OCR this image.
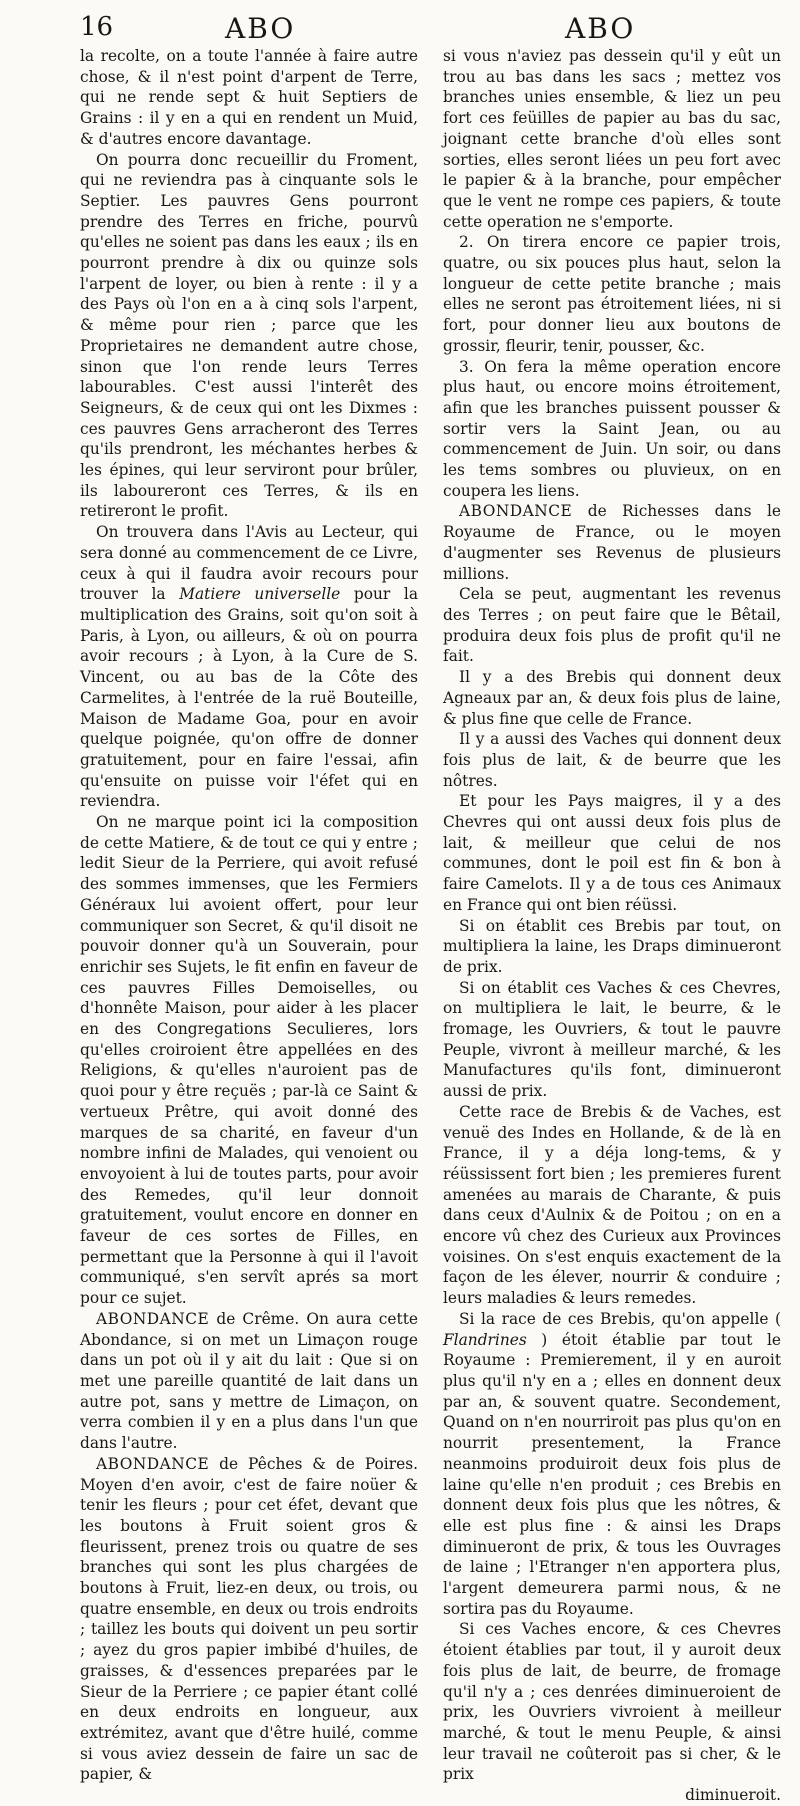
16	ABO	ABO

la recolte, on a toute l'année à faire autre chose, & il n'est point d'arpent de Terre, qui ne rende sept & huit Septiers de Grains : il y en a qui en rendent un Muid, & d'autres encore davantage.

On pourra donc recueillir du Froment, qui ne reviendra pas à cinquante sols le Septier. Les pauvres Gens pourront prendre des Terres en friche, pourvû qu'elles ne soient pas dans les eaux ; ils en pourront prendre à dix ou quinze sols l'arpent de loyer, ou bien à rente : il y a des Pays où l'on en a à cinq sols l'arpent, & même pour rien ; parce que les Proprietaires ne demandent autre chose, sinon que l'on rende leurs Terres labourables. C'est aussi l'interêt des Seigneurs, & de ceux qui ont les Dixmes : ces pauvres Gens arracheront des Terres qu'ils prendront, les méchantes herbes & les épines, qui leur serviront pour brûler, ils laboureront ces Terres, & ils en retireront le profit.

On trouvera dans l'Avis au Lecteur, qui sera donné au commencement de ce Livre, ceux à qui il faudra avoir recours pour trouver la Matiere universelle pour la multiplication des Grains, soit qu'on soit à Paris, à Lyon, ou ailleurs, & où on pourra avoir recours ; à Lyon, à la Cure de S. Vincent, ou au bas de la Côte des Carmelites, à l'entrée de la ruë Bouteille, Maison de Madame Goa, pour en avoir quelque poignée, qu'on offre de donner gratuitement, pour en faire l'essai, afin qu'ensuite on puisse voir l'éfet qui en reviendra.

On ne marque point ici la composition de cette Matiere, & de tout ce qui y entre ; ledit Sieur de la Perriere, qui avoit refusé des sommes immenses, que les Fermiers Généraux lui avoient offert, pour leur communiquer son Secret, & qu'il disoit ne pouvoir donner qu'à un Souverain, pour enrichir ses Sujets, le fit enfin en faveur de ces pauvres Filles Demoiselles, ou d'honnête Maison, pour aider à les placer en des Congregations Seculieres, lors qu'elles croiroient être appellées en des Religions, & qu'elles n'auroient pas de quoi pour y être reçuës ; par-là ce Saint & vertueux Prêtre, qui avoit donné des marques de sa charité, en faveur d'un nombre infini de Malades, qui venoient ou envoyoient à lui de toutes parts, pour avoir des Remedes, qu'il leur donnoit gratuitement, voulut encore en donner en faveur de ces sortes de Filles, en permettant que la Personne à qui il l'avoit communiqué, s'en servît aprés sa mort pour ce sujet.

ABONDANCE de Crême. On aura cette Abondance, si on met un Limaçon rouge dans un pot où il y ait du lait : Que si on met une pareille quantité de lait dans un autre pot, sans y mettre de Limaçon, on verra combien il y en a plus dans l'un que dans l'autre.

ABONDANCE de Pêches & de Poires. Moyen d'en avoir, c'est de faire noüer & tenir les fleurs ; pour cet éfet, devant que les boutons à Fruit soient gros & fleurissent, prenez trois ou quatre de ses branches qui sont les plus chargées de boutons à Fruit, liez-en deux, ou trois, ou quatre ensemble, en deux ou trois endroits ; taillez les bouts qui doivent un peu sortir ; ayez du gros papier imbibé d'huiles, de graisses, & d'essences preparées par le Sieur de la Perriere ; ce papier étant collé en deux endroits en longueur, aux extrémitez, avant que d'être huilé, comme si vous aviez dessein de faire un sac de papier, &

si vous n'aviez pas dessein qu'il y eût un trou au bas dans les sacs ; mettez vos branches unies ensemble, & liez un peu fort ces feüilles de papier au bas du sac, joignant cette branche d'où elles sont sorties, elles seront liées un peu fort avec le papier & à la branche, pour empêcher que le vent ne rompe ces papiers, & toute cette operation ne s'emporte.

2. On tirera encore ce papier trois, quatre, ou six pouces plus haut, selon la longueur de cette petite branche ; mais elles ne seront pas étroitement liées, ni si fort, pour donner lieu aux boutons de grossir, fleurir, tenir, pousser, &c.

3. On fera la même operation encore plus haut, ou encore moins étroitement, afin que les branches puissent pousser & sortir vers la Saint Jean, ou au commencement de Juin. Un soir, ou dans les tems sombres ou pluvieux, on en coupera les liens.

ABONDANCE de Richesses dans le Royaume de France, ou le moyen d'augmenter ses Revenus de plusieurs millions.

Cela se peut, augmentant les revenus des Terres ; on peut faire que le Bêtail, produira deux fois plus de profit qu'il ne fait.

Il y a des Brebis qui donnent deux Agneaux par an, & deux fois plus de laine, & plus fine que celle de France.

Il y a aussi des Vaches qui donnent deux fois plus de lait, & de beurre que les nôtres.

Et pour les Pays maigres, il y a des Chevres qui ont aussi deux fois plus de lait, & meilleur que celui de nos communes, dont le poil est fin & bon à faire Camelots. Il y a de tous ces Animaux en France qui ont bien réüssi.

Si on établit ces Brebis par tout, on multipliera la laine, les Draps diminueront de prix.

Si on établit ces Vaches & ces Chevres, on multipliera le lait, le beurre, & le fromage, les Ouvriers, & tout le pauvre Peuple, vivront à meilleur marché, & les Manufactures qu'ils font, diminueront aussi de prix.

Cette race de Brebis & de Vaches, est venuë des Indes en Hollande, & de là en France, il y a déja long-tems, & y réüssissent fort bien ; les premieres furent amenées au marais de Charante, & puis dans ceux d'Aulnix & de Poitou ; on en a encore vû chez des Curieux aux Provinces voisines. On s'est enquis exactement de la façon de les élever, nourrir & conduire ; leurs maladies & leurs remedes.

Si la race de ces Brebis, qu'on appelle ( Flandrines ) étoit établie par tout le Royaume : Premierement, il y en auroit plus qu'il n'y en a ; elles en donnent deux par an, & souvent quatre. Secondement, Quand on n'en nourriroit pas plus qu'on en nourrit presentement, la France neanmoins produiroit deux fois plus de laine qu'elle n'en produit ; ces Brebis en donnent deux fois plus que les nôtres, & elle est plus fine : & ainsi les Draps diminueront de prix, & tous les Ouvrages de laine ; l'Etranger n'en apportera plus, l'argent demeurera parmi nous, & ne sortira pas du Royaume.

Si ces Vaches encore, & ces Chevres étoient établies par tout, il y auroit deux fois plus de lait, de beurre, de fromage qu'il n'y a ; ces denrées diminueroient de prix, les Ouvriers vivroient à meilleur marché, & tout le menu Peuple, & ainsi leur travail ne coûteroit pas si cher, & le prix

diminueroit.
